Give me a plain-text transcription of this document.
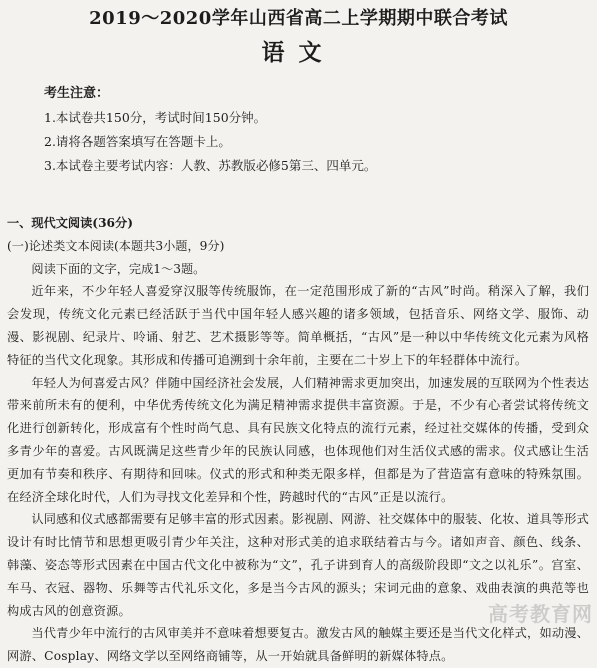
2019～2020学年山西省高二上学期期中联合考试
语文
考生注意：
1.本试卷共150分，考试时间150分钟。
2.请将各题答案填写在答题卡上。
3.本试卷主要考试内容：人教、苏教版必修5第三、四单元。
一、现代文阅读(36分)
(一)论述类文本阅读(本题共3小题，9分)
阅读下面的文字，完成1～3题。

近年来，不少年轻人喜爱穿汉服等传统服饰，在一定范围形成了新的“古风”时尚。稍深入了解，我们会发现，传统文化元素已经活跃于当代中国年轻人感兴趣的诸多领域，包括音乐、网络文学、服饰、动漫、影视剧、纪录片、呤诵、射艺、艺术摄影等等。简单概括，“古风”是一种以中华传统文化元素为风格特征的当代文化现象。其形成和传播可追溯到十余年前，主要在二十岁上下的年轻群体中流行。

年轻人为何喜爱古风？伴随中国经济社会发展，人们精神需求更加突出，加速发展的互联网为个性表达带来前所未有的便利，中华优秀传统文化为满足精神需求提供丰富资源。于是，不少有心者尝试将传统文化进行创新转化，形成富有个性时尚气息、具有民族文化特点的流行元素，经过社交媒体的传播，受到众多青少年的喜爱。古风既满足这些青少年的民族认同感，也体现他们对生活仪式感的需求。仪式感让生活更加有节奏和秩序、有期待和回味。仪式的形式和种类无限多样，但都是为了营造富有意味的特殊氛围。在经济全球化时代，人们为寻找文化差异和个性，跨越时代的“古风”正是以流行。

认同感和仪式感都需要有足够丰富的形式因素。影视剧、网游、社交媒体中的服装、化妆、道具等形式设计有时比情节和思想更吸引青少年关注，这种对形式美的追求联结着古与今。诸如声音、颜色、线条、韩藻、姿态等形式因素在中国古代文化中被称为“文”，孔子讲到育人的高级阶段即“文之以礼乐”。宫室、车马、衣冠、器物、乐舞等古代礼乐文化，多是当今古风的源头；宋词元曲的意象、戏曲表演的典范等也构成古风的创意资源。

当代青少年中流行的古风审美并不意味着想要复古。激发古风的触媒主要还是当代文化样式，如动漫、网游、Cosplay、网络文学以至网络商铺等，从一开始就具备鲜明的新媒体特点。

高考教育网
